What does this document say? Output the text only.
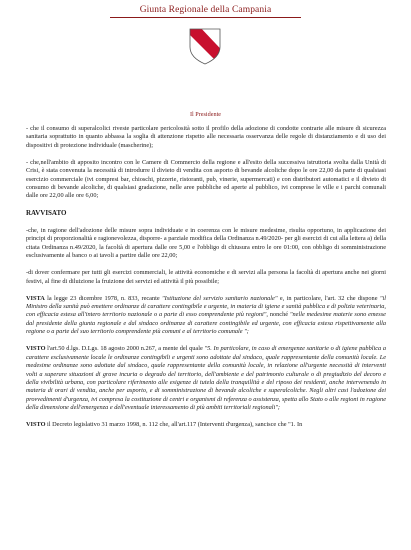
Giunta Regionale della Campania
Il Presidente

- che il consumo di superalcolici riveste particolare pericolosità sotto il profilo della adozione di condotte contrarie alle misure di sicurezza sanitaria soprattutto in quanto abbassa la soglia di attenzione rispetto alle necessaria osservanza delle regole di distanziamento e di uso dei dispositivi di protezione individuale (mascherine);

- che,nell'ambito di apposito incontro con le Camere di Commercio della regione e all'esito della successiva istruttoria svolta dalla Unità di Crisi, è stata convenuta la necessità di introdurre il divieto di vendita con asporto di bevande alcoliche dopo le ore 22,00 da parte di qualsiasi esercizio commerciale (ivi compresi bar, chioschi, pizzerie, ristoranti, pub, vinerie, supermercati) e con distributori automatici e il divieto di consumo di bevande alcoliche, di qualsiasi gradazione, nelle aree pubbliche ed aperte al pubblico, ivi comprese le ville e i parchi comunali dalle ore 22,00 alle ore 6,00;

RAVVISATO

-che, in ragione dell'adozione delle misure sopra individuate e in coerenza con le misure medesime, risulta opportuno, in applicazione dei principi di proporzionalità e ragionevolezza, disporre- a parziale modifica della Ordinanza n.49/2020- per gli esercizi di cui alla lettera a) della citata Ordinanza n.49/2020, la facoltà di apertura dalle ore 5,00 e l'obbligo di chiusura entro le ore 01:00, con obbligo di somministrazione esclusivamente al banco o ai tavoli a partire dalle ore 22,00;

-di dover confermare per tutti gli esercizi commerciali, le attività economiche e di servizi alla persona la facoltà di apertura anche nei giorni festivi, al fine di diluizione la fruizione dei servizi ed attività il più possibile;

VISTA la legge 23 dicembre 1978, n. 833, recante "Istituzione del servizio sanitario nazionale" e, in particolare, l'art. 32 che dispone "il Ministro della sanità può emettere ordinanze di carattere contingibile e urgente, in materia di igiene e sanità pubblica e di polizia veterinaria, con efficacia estesa all'intero territorio nazionale o a parte di esso comprendente più regioni", nonché "nelle medesime materie sono emesse dal presidente della giunta regionale e dal sindaco ordinanze di carattere contingibile ed urgente, con efficacia estesa rispettivamente alla regione o a parte del suo territorio comprendente più comuni e al territorio comunale ";

VISTO l'art.50 d.lgs. D.Lgs. 18 agosto 2000 n.267, a mente del quale "5. In particolare, in caso di emergenze sanitarie o di igiene pubblica a carattere esclusivamente locale le ordinanze contingibili e urgenti sono adottate dal sindaco, quale rappresentante della comunità locale. Le medesime ordinanze sono adottate dal sindaco, quale rappresentante della comunità locale, in relazione all'urgente necessità di interventi volti a superare situazioni di grave incuria o degrado del territorio, dell'ambiente e del patrimonio culturale o di pregiudizio del decoro e della vivibilità urbana, con particolare riferimento alle esigenze di tutela della tranquillità e del riposo dei residenti, anche intervenendo in materia di orari di vendita, anche per asporto, e di somministrazione di bevande alcoliche e superalcoliche. Negli altri casi l'adozione dei provvedimenti d'urgenza, ivi compresa la costituzione di centri e organismi di referenza o assistenza, spetta allo Stato o alle regioni in ragione della dimensione dell'emergenza e dell'eventuale interessamento di più ambiti territoriali regionali";

VISTO il Decreto legislativo 31 marzo 1998, n. 112 che, all'art.117 (Interventi d'urgenza), sancisce che "1. In
